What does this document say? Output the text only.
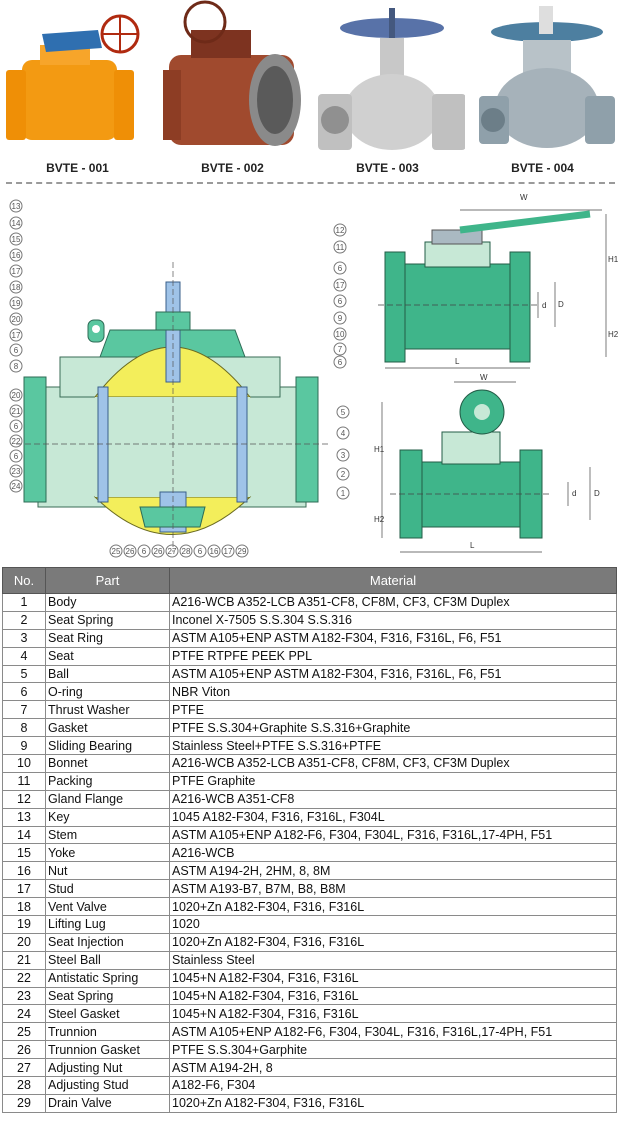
BVTE - 001	BVTE - 002	BVTE - 003	BVTE - 004
13
14
15
16
17
18
19
20
17
6
8
20
21
6
22
6
23
24
12
11
6
17
6
9
10
7
6
5
4
3
2
1
25 26 6 26 27 28 6 16 17 29
W
L
H1
H2
D
d
W
L
H1
H2
D
d
No.	Part	Material
1	Body	A216-WCB A352-LCB A351-CF8, CF8M, CF3, CF3M Duplex
2	Seat Spring	Inconel X-7505 S.S.304 S.S.316
3	Seat Ring	ASTM A105+ENP ASTM A182-F304, F316, F316L, F6, F51
4	Seat	PTFE RTPFE PEEK PPL
5	Ball	ASTM A105+ENP ASTM A182-F304, F316, F316L, F6, F51
6	O-ring	NBR Viton
7	Thrust Washer	PTFE
8	Gasket	PTFE S.S.304+Graphite S.S.316+Graphite
9	Sliding Bearing	Stainless Steel+PTFE S.S.316+PTFE
10	Bonnet	A216-WCB A352-LCB A351-CF8, CF8M, CF3, CF3M Duplex
11	Packing	PTFE Graphite
12	Gland Flange	A216-WCB A351-CF8
13	Key	1045 A182-F304, F316, F316L, F304L
14	Stem	ASTM A105+ENP A182-F6, F304, F304L, F316, F316L,17-4PH, F51
15	Yoke	A216-WCB
16	Nut	ASTM A194-2H, 2HM, 8, 8M
17	Stud	ASTM A193-B7, B7M, B8, B8M
18	Vent Valve	1020+Zn A182-F304, F316, F316L
19	Lifting Lug	1020
20	Seat Injection	1020+Zn A182-F304, F316, F316L
21	Steel Ball	Stainless Steel
22	Antistatic Spring	1045+N A182-F304, F316, F316L
23	Seat Spring	1045+N A182-F304, F316, F316L
24	Steel Gasket	1045+N A182-F304, F316, F316L
25	Trunnion	ASTM A105+ENP A182-F6, F304, F304L, F316, F316L,17-4PH, F51
26	Trunnion Gasket	PTFE S.S.304+Garphite
27	Adjusting Nut	ASTM A194-2H, 8
28	Adjusting Stud	A182-F6, F304
29	Drain Valve	1020+Zn A182-F304, F316, F316L
